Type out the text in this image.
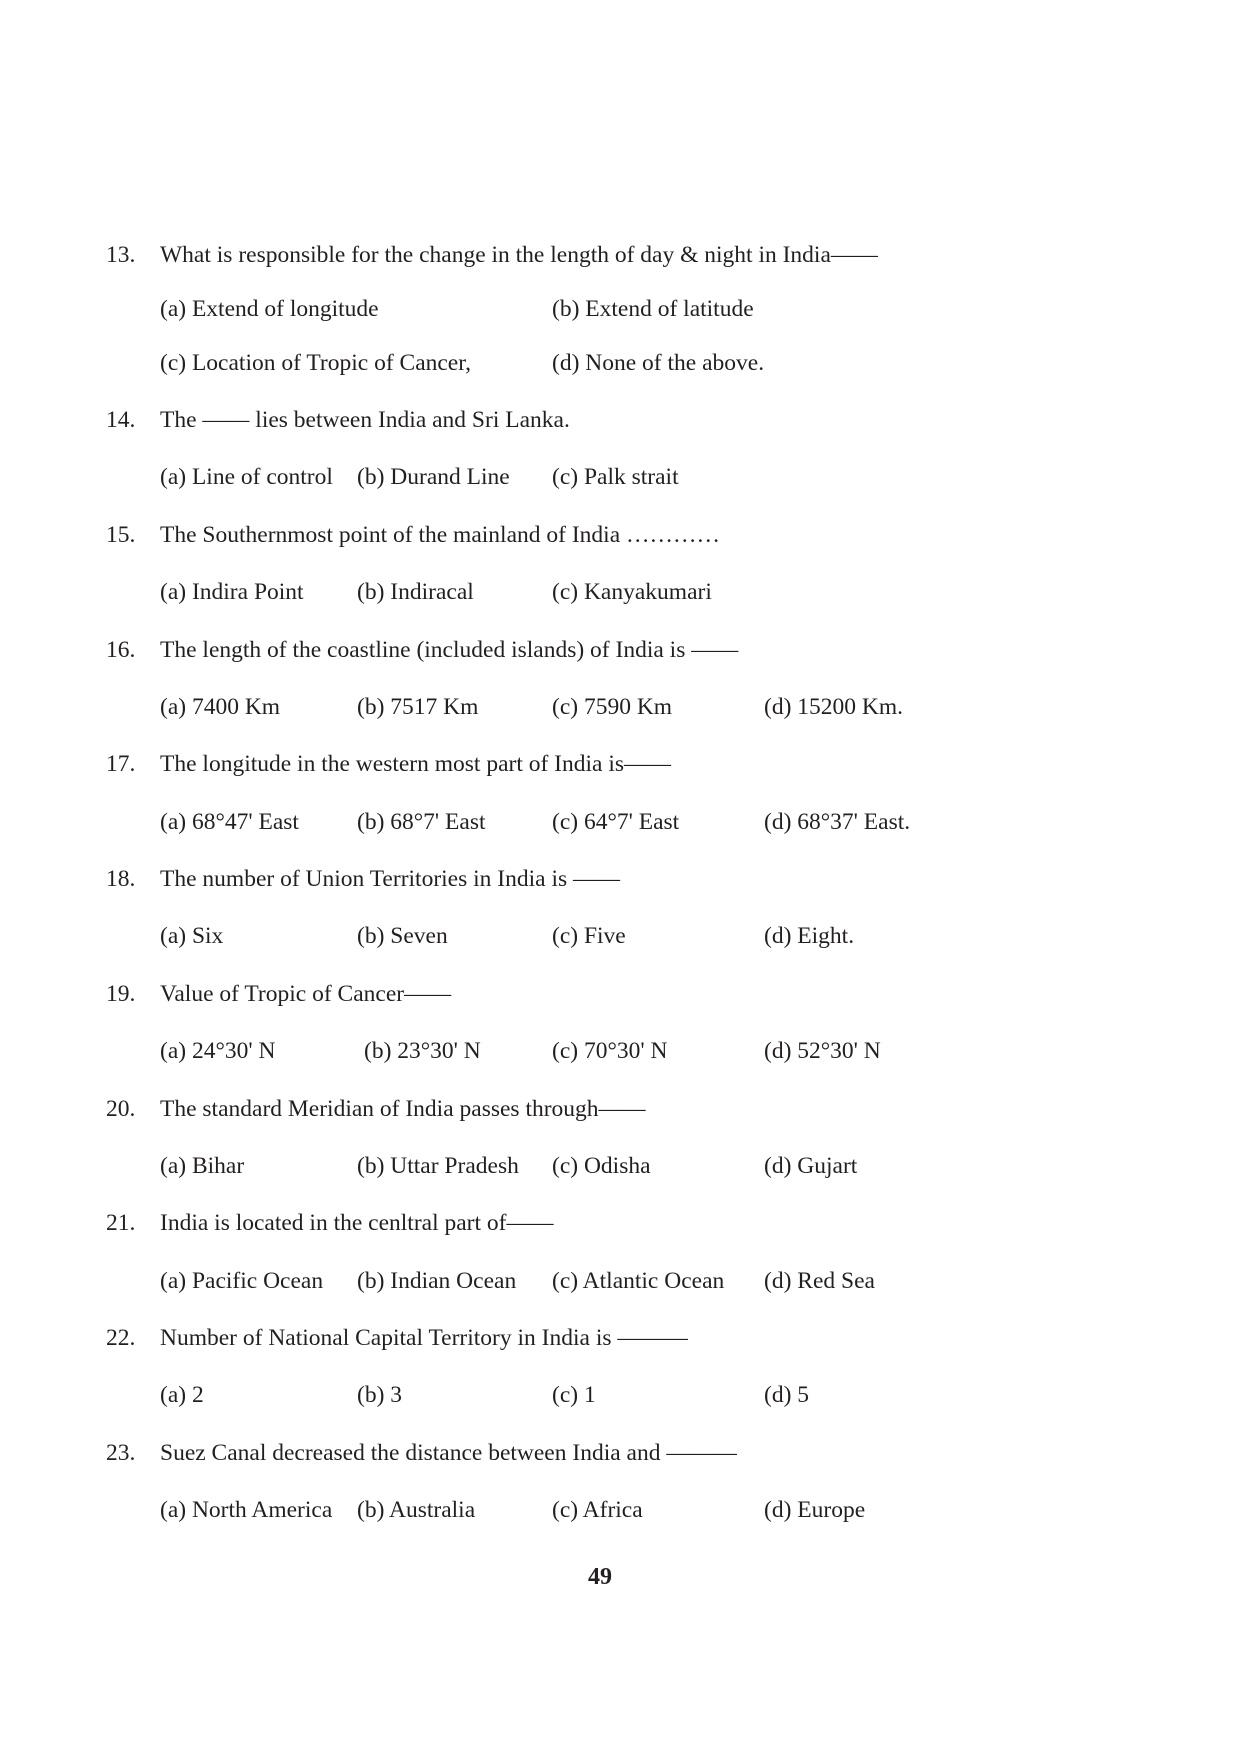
13. What is responsible for the change in the length of day & night in India——
(a) Extend of longitude	(b) Extend of latitude
(c) Location of Tropic of Cancer,	(d) None of the above.
14. The —— lies between India and Sri Lanka.
(a) Line of control (b) Durand Line (c) Palk strait
15. The Southernmost point of the mainland of India …………
(a) Indira Point (b) Indiracal	(c) Kanyakumari
16. The length of the coastline (included islands) of India is ——
(a) 7400 Km	(b) 7517 Km	(c) 7590 Km	(d) 15200 Km.
17. The longitude in the western most part of India is——
(a) 68°47' East (b) 68°7' East	(c) 64°7' East	(d) 68°37' East.
18. The number of Union Territories in India is ——
(a) Six	(b) Seven	(c) Five	(d) Eight.
19. Value of Tropic of Cancer——
(a) 24°30' N	(b) 23°30' N	(c) 70°30' N	(d) 52°30' N
20. The standard Meridian of India passes through——
(a) Bihar	(b) Uttar Pradesh (c) Odisha	(d) Gujart
21. India is located in the cenltral part of——
(a) Pacific Ocean (b) Indian Ocean (c) Atlantic Ocean (d) Red Sea
22. Number of National Capital Territory in India is ———
(a) 2	(b) 3	(c) 1	(d) 5
23. Suez Canal decreased the distance between India and ———
(a) North America (b) Australia	(c) Africa	(d) Europe
49
